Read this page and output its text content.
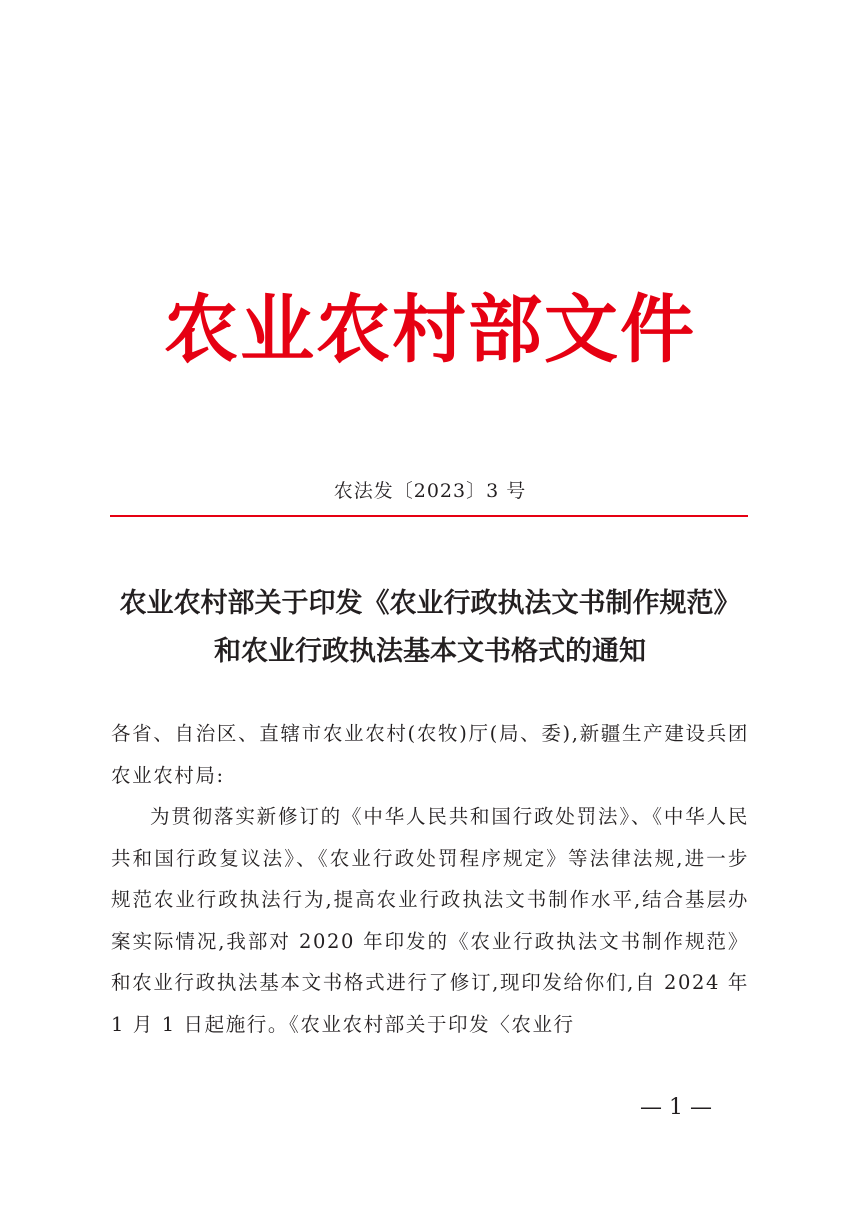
农业农村部文件
农法发〔2023〕3 号
农业农村部关于印发《农业行政执法文书制作规范》
和农业行政执法基本文书格式的通知

各省、自治区、直辖市农业农村(农牧)厅(局、委),新疆生产建设兵团农业农村局:

为贯彻落实新修订的《中华人民共和国行政处罚法》、《中华人民共和国行政复议法》、《农业行政处罚程序规定》等法律法规,进一步规范农业行政执法行为,提高农业行政执法文书制作水平,结合基层办案实际情况,我部对 2020 年印发的《农业行政执法文书制作规范》和农业行政执法基本文书格式进行了修订,现印发给你们,自 2024 年 1 月 1 日起施行。《农业农村部关于印发〈农业行

— 1 —
